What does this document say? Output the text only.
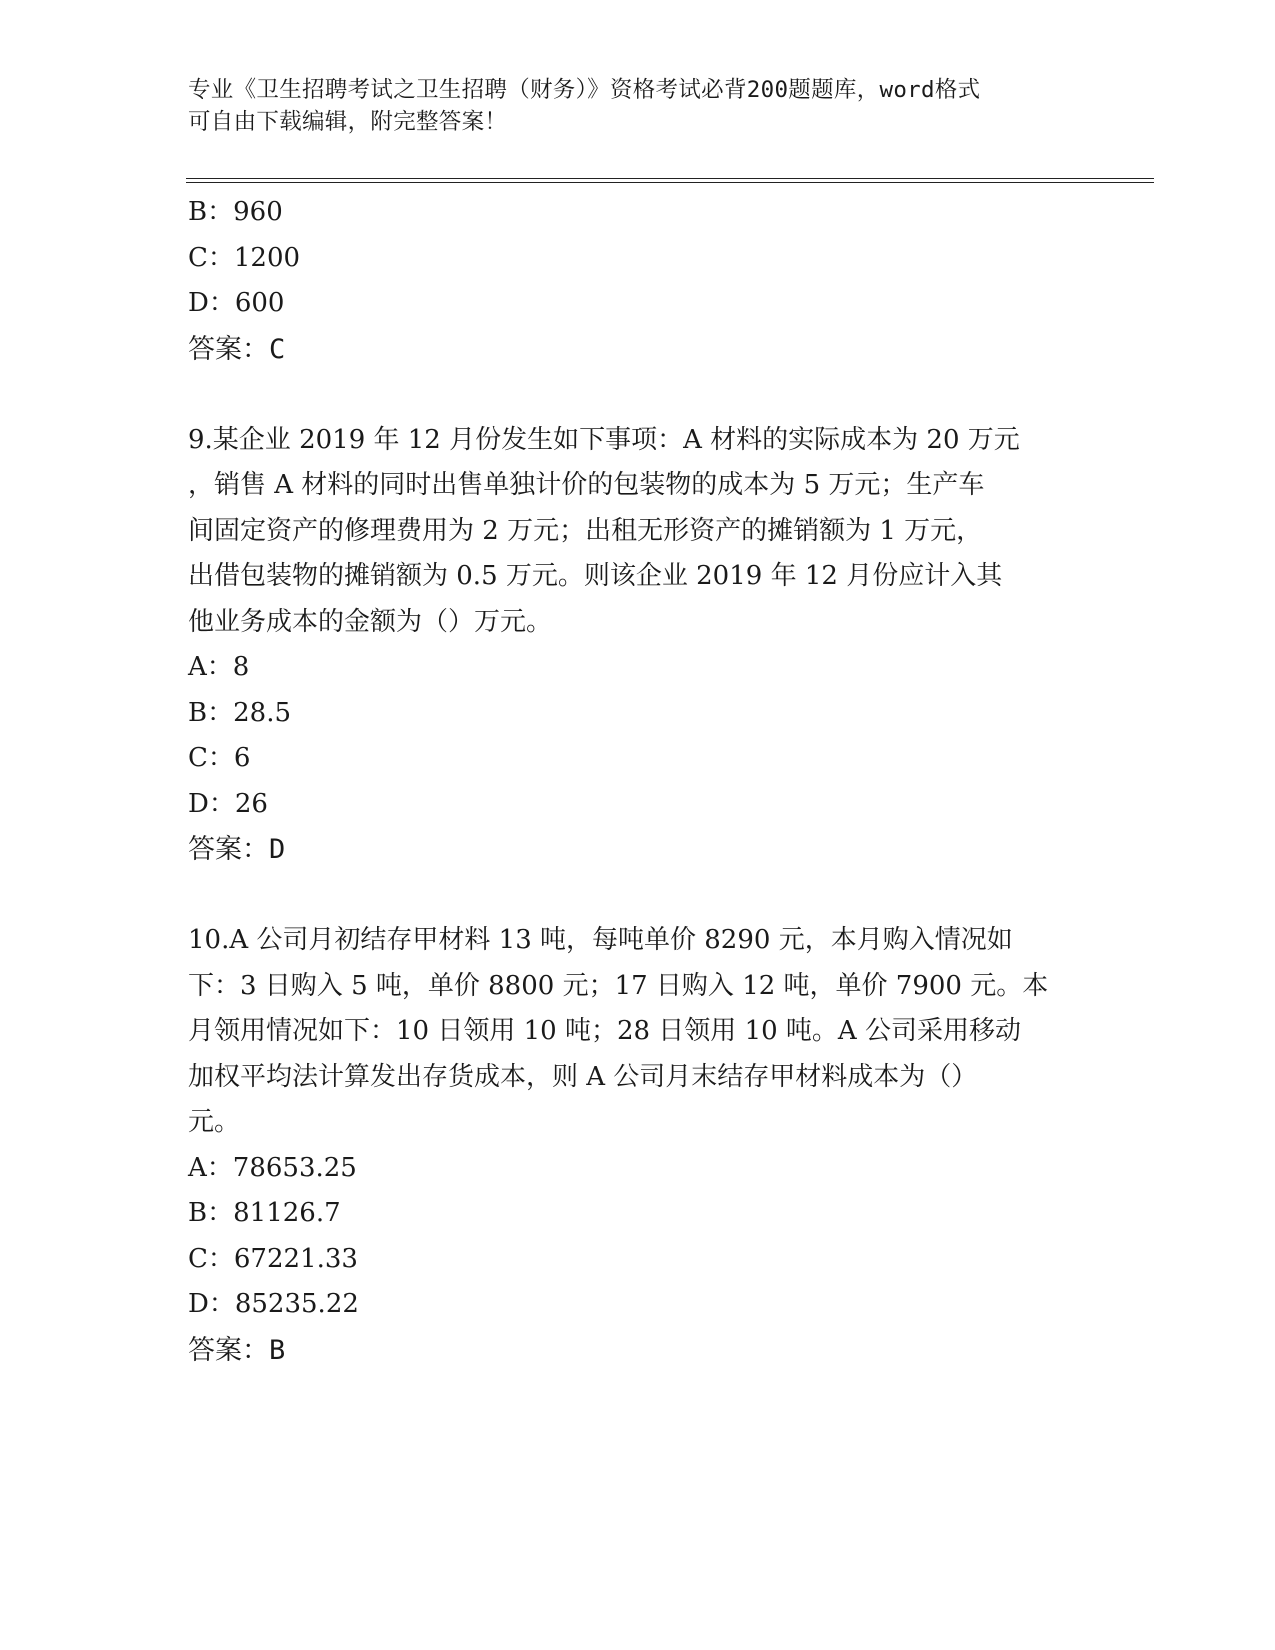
专业《卫生招聘考试之卫生招聘（财务）》资格考试必背200题题库，word格式
可自由下载编辑，附完整答案！
B：960
C：1200
D：600
答案：C
9.某企业 2019 年 12 月份发生如下事项：A 材料的实际成本为 20 万元
，销售 A 材料的同时出售单独计价的包装物的成本为 5 万元；生产车
间固定资产的修理费用为 2 万元；出租无形资产的摊销额为 1 万元，
出借包装物的摊销额为 0.5 万元。则该企业 2019 年 12 月份应计入其
他业务成本的金额为（）万元。
A：8
B：28.5
C：6
D：26
答案：D
10.A 公司月初结存甲材料 13 吨，每吨单价 8290 元，本月购入情况如
下：3 日购入 5 吨，单价 8800 元；17 日购入 12 吨，单价 7900 元。本
月领用情况如下：10 日领用 10 吨；28 日领用 10 吨。A 公司采用移动
加权平均法计算发出存货成本，则 A 公司月末结存甲材料成本为（）
元。
A：78653.25
B：81126.7
C：67221.33
D：85235.22
答案：B
